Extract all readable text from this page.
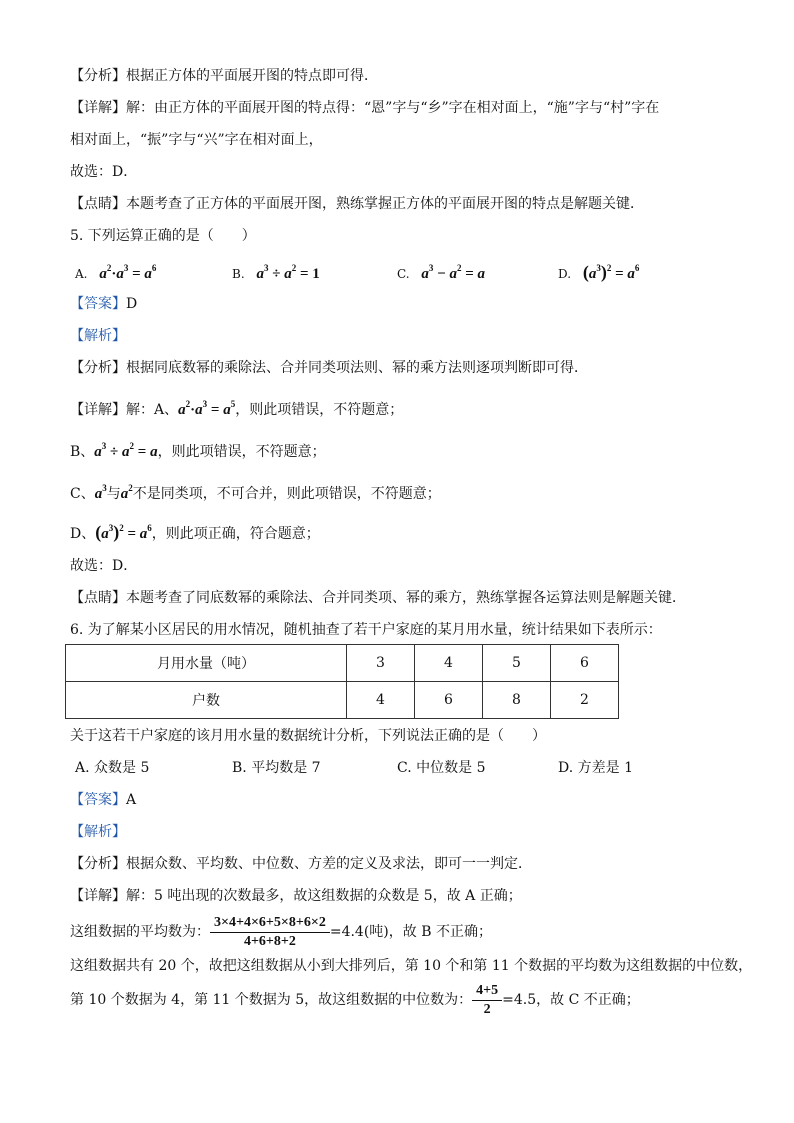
【分析】根据正方体的平面展开图的特点即可得．
【详解】解：由正方体的平面展开图的特点得：“恩”字与“乡”字在相对面上，“施”字与“村”字在
相对面上，“振”字与“兴”字在相对面上，
故选：D．
【点睛】本题考查了正方体的平面展开图，熟练掌握正方体的平面展开图的特点是解题关键．
5. 下列运算正确的是（　　）
A. $a^2\cdot a^3 = a^6$	B. $a^3 \div a^2 = 1$	C. $a^3 - a^2 = a$	D. $(a^3)^2 = a^6$
【答案】D
【解析】
【分析】根据同底数幂的乘除法、合并同类项法则、幂的乘方法则逐项判断即可得．
【详解】解：A、$a^2\cdot a^3 = a^5$，则此项错误，不符题意；
B、$a^3 \div a^2 = a$，则此项错误，不符题意；
C、$a^3$与$a^2$不是同类项，不可合并，则此项错误，不符题意；
D、$(a^3)^2 = a^6$，则此项正确，符合题意；
故选：D．
【点睛】本题考查了同底数幂的乘除法、合并同类项、幂的乘方，熟练掌握各运算法则是解题关键．
6. 为了解某小区居民的用水情况，随机抽查了若干户家庭的某月用水量，统计结果如下表所示：
月用水量（吨）	3	4	5	6
户数	4	6	8	2
关于这若干户家庭的该月用水量的数据统计分析，下列说法正确的是（　　）
A. 众数是 5	B. 平均数是 7	C. 中位数是 5	D. 方差是 1
【答案】A
【解析】
【分析】根据众数、平均数、中位数、方差的定义及求法，即可一一判定．
【详解】解：5 吨出现的次数最多，故这组数据的众数是 5，故 A 正确；
这组数据的平均数为： $\frac{3\times 4+4\times 6+5\times 8+6\times 2}{4+6+8+2} =4.4$(吨)，故 B 不正确；
这组数据共有 20 个，故把这组数据从小到大排列后，第 10 个和第 11 个数据的平均数为这组数据的中位数，
第 10 个数据为 4，第 11 个数据为 5，故这组数据的中位数为： $\frac{4+5}{2} =4.5$，故 C 不正确；
